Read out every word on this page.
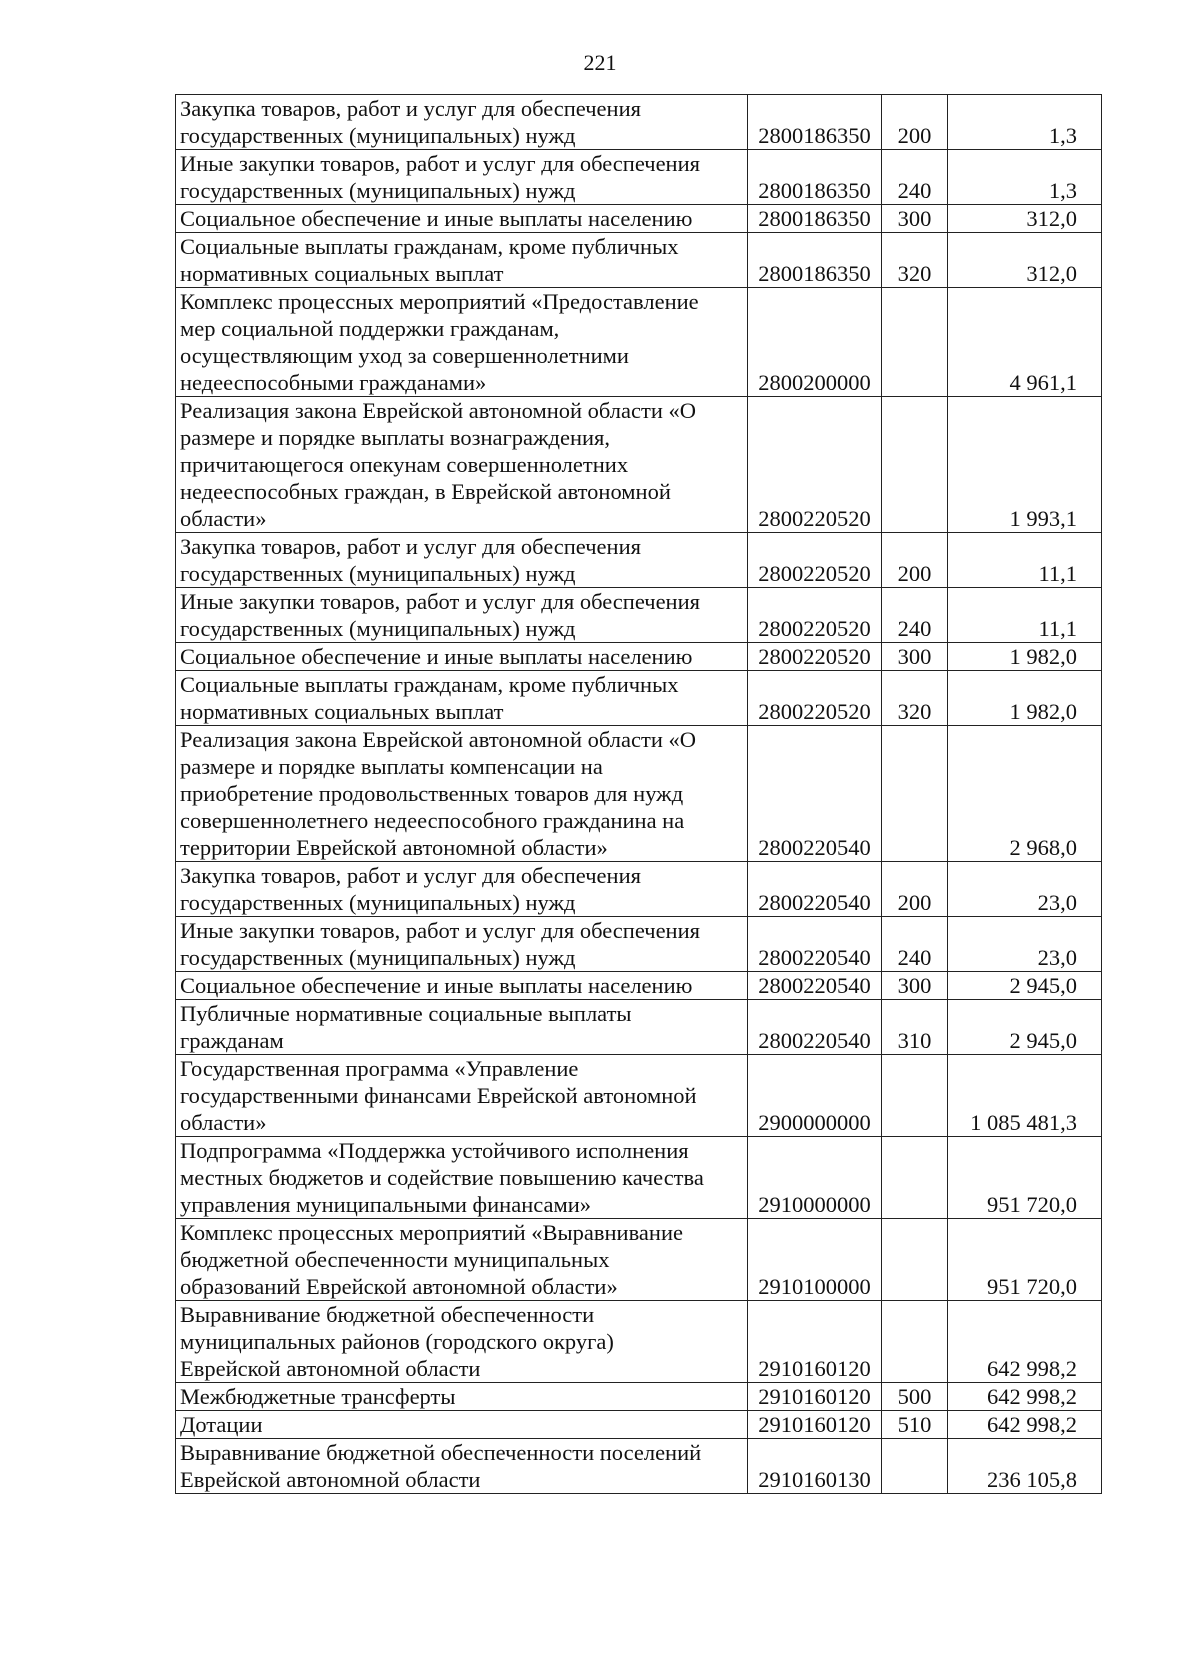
221
Закупка товаров, работ и услуг для обеспечения
государственных (муниципальных) нужд	2800186350	200	1,3
Иные закупки товаров, работ и услуг для обеспечения
государственных (муниципальных) нужд	2800186350	240	1,3
Социальное обеспечение и иные выплаты населению	2800186350	300	312,0
Социальные выплаты гражданам, кроме публичных
нормативных социальных выплат	2800186350	320	312,0
Комплекс процессных мероприятий «Предоставление
мер социальной поддержки гражданам,
осуществляющим уход за совершеннолетними
недееспособными гражданами»	2800200000		4 961,1
Реализация закона Еврейской автономной области «О
размере и порядке выплаты вознаграждения,
причитающегося опекунам совершеннолетних
недееспособных граждан, в Еврейской автономной
области»	2800220520		1 993,1
Закупка товаров, работ и услуг для обеспечения
государственных (муниципальных) нужд	2800220520	200	11,1
Иные закупки товаров, работ и услуг для обеспечения
государственных (муниципальных) нужд	2800220520	240	11,1
Социальное обеспечение и иные выплаты населению	2800220520	300	1 982,0
Социальные выплаты гражданам, кроме публичных
нормативных социальных выплат	2800220520	320	1 982,0
Реализация закона Еврейской автономной области «О
размере и порядке выплаты компенсации на
приобретение продовольственных товаров для нужд
совершеннолетнего недееспособного гражданина на
территории Еврейской автономной области»	2800220540		2 968,0
Закупка товаров, работ и услуг для обеспечения
государственных (муниципальных) нужд	2800220540	200	23,0
Иные закупки товаров, работ и услуг для обеспечения
государственных (муниципальных) нужд	2800220540	240	23,0
Социальное обеспечение и иные выплаты населению	2800220540	300	2 945,0
Публичные нормативные социальные выплаты
гражданам	2800220540	310	2 945,0
Государственная программа «Управление
государственными финансами Еврейской автономной
области»	2900000000		1 085 481,3
Подпрограмма «Поддержка устойчивого исполнения
местных бюджетов и содействие повышению качества
управления муниципальными финансами»	2910000000		951 720,0
Комплекс процессных мероприятий «Выравнивание
бюджетной обеспеченности муниципальных
образований Еврейской автономной области»	2910100000		951 720,0
Выравнивание бюджетной обеспеченности
муниципальных районов (городского округа)
Еврейской автономной области	2910160120		642 998,2
Межбюджетные трансферты	2910160120	500	642 998,2
Дотации	2910160120	510	642 998,2
Выравнивание бюджетной обеспеченности поселений
Еврейской автономной области	2910160130		236 105,8
